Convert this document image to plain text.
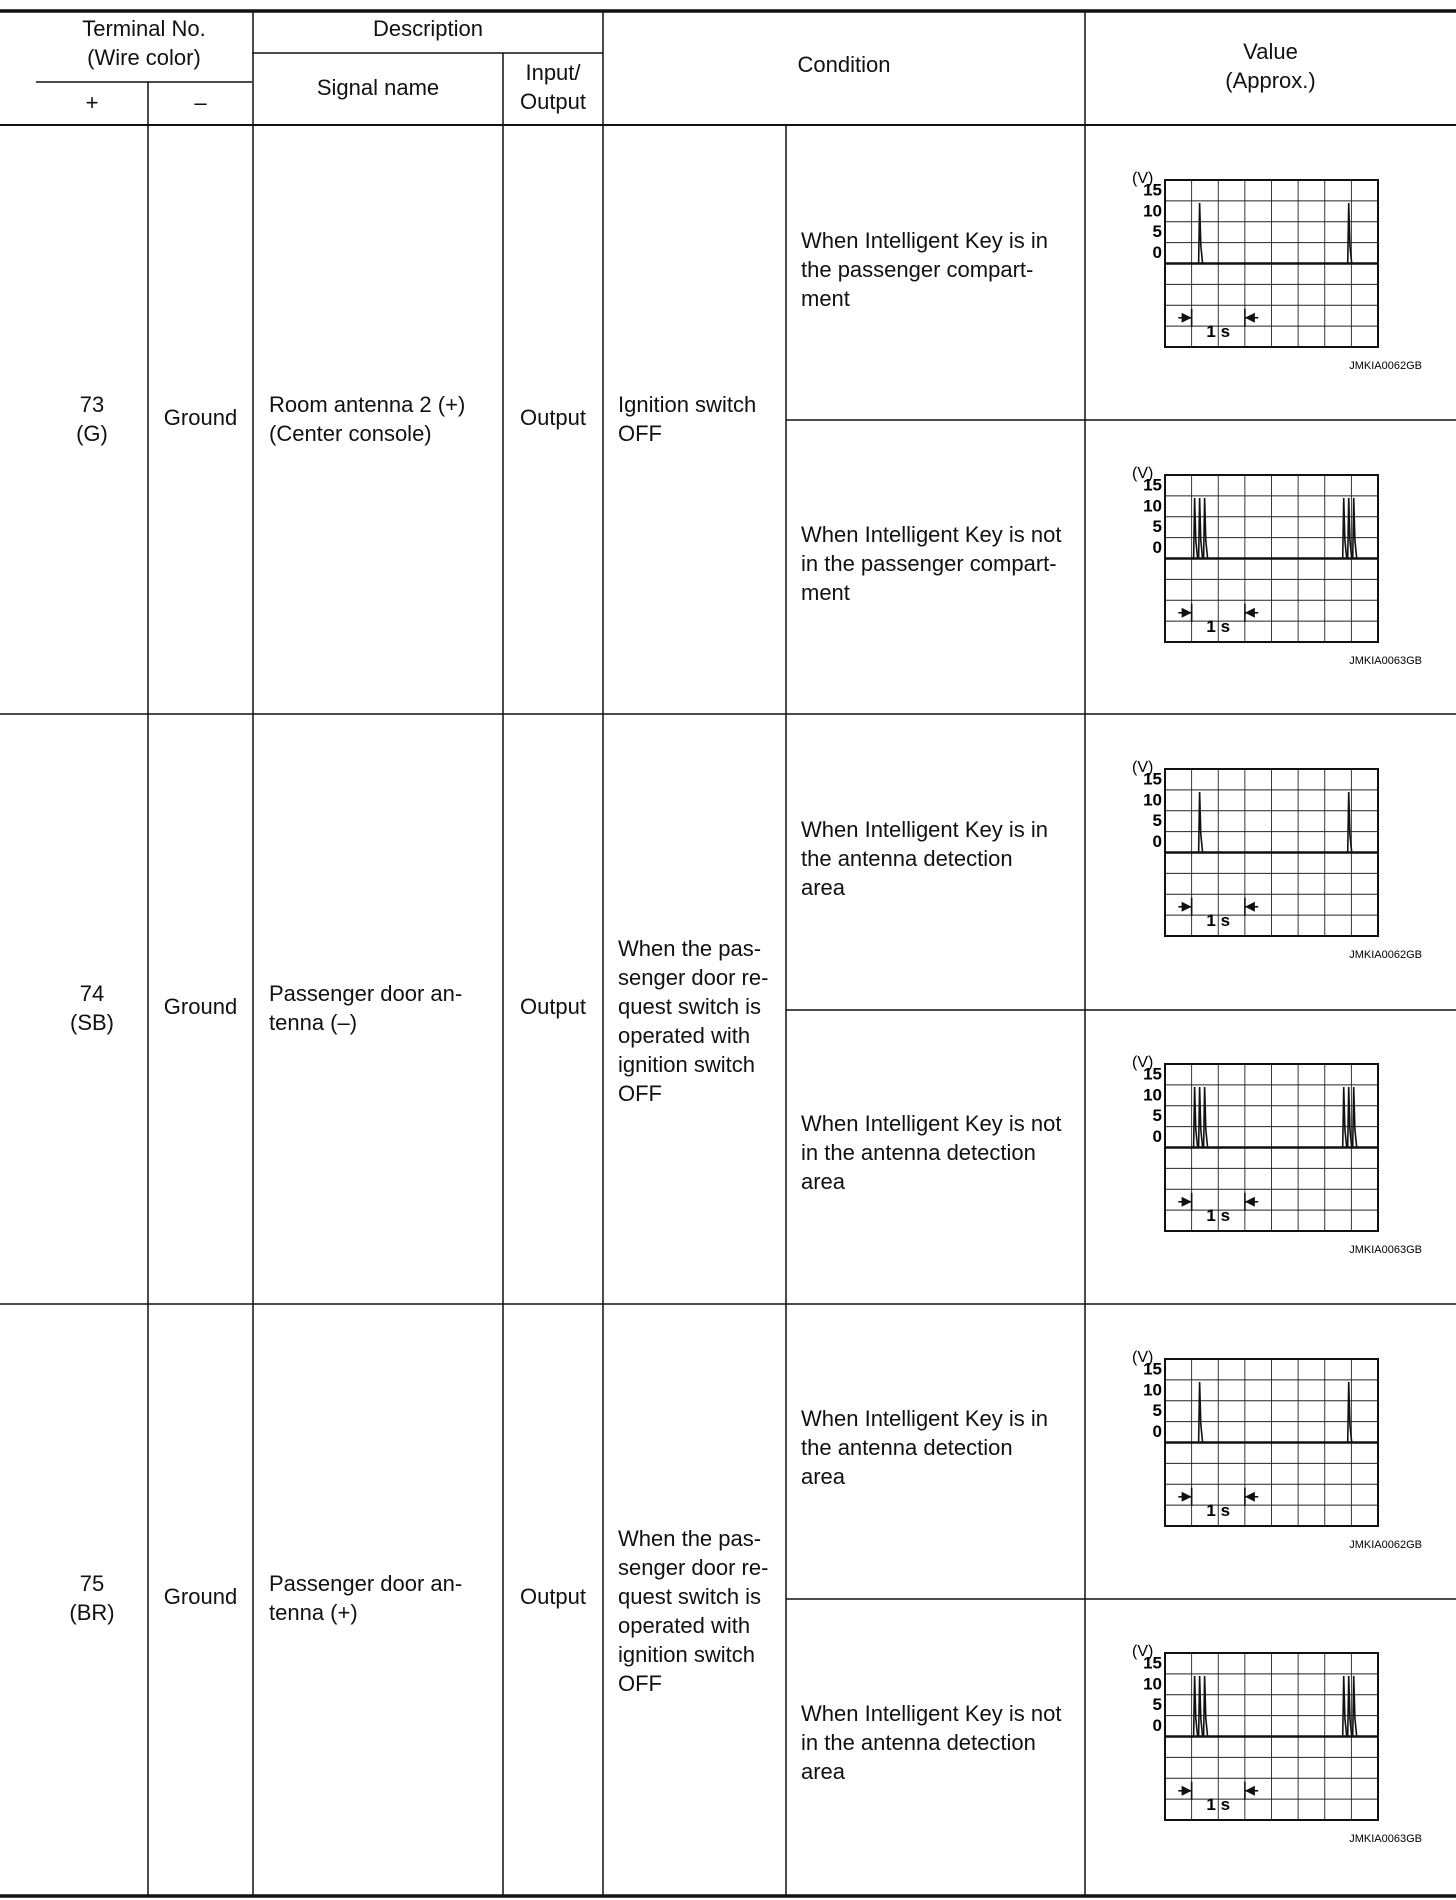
Terminal No.
(Wire color)
+	–
Description
Signal name
Input/
Output
Condition
Value
(Approx.)
73
(G)
Ground
Room antenna 2 (+)
(Center console)
Output
Ignition switch
OFF
When Intelligent Key is in
the passenger compart-
ment
When Intelligent Key is not
in the passenger compart-
ment
74
(SB)
Ground
Passenger door an-
tenna (–)
Output
When the pas-
senger door re-
quest switch is
operated with
ignition switch
OFF
When Intelligent Key is in
the antenna detection
area
When Intelligent Key is not
in the antenna detection
area
75
(BR)
Ground
Passenger door an-
tenna (+)
Output
When the pas-
senger door re-
quest switch is
operated with
ignition switch
OFF
When Intelligent Key is in
the antenna detection
area
When Intelligent Key is not
in the antenna detection
area
(V)
15
10
5
0
1 s
JMKIA0062GB
(V)
15
10
5
0
1 s
JMKIA0063GB
(V)
15
10
5
0
1 s
JMKIA0062GB
(V)
15
10
5
0
1 s
JMKIA0063GB
(V)
15
10
5
0
1 s
JMKIA0062GB
(V)
15
10
5
0
1 s
JMKIA0063GB
